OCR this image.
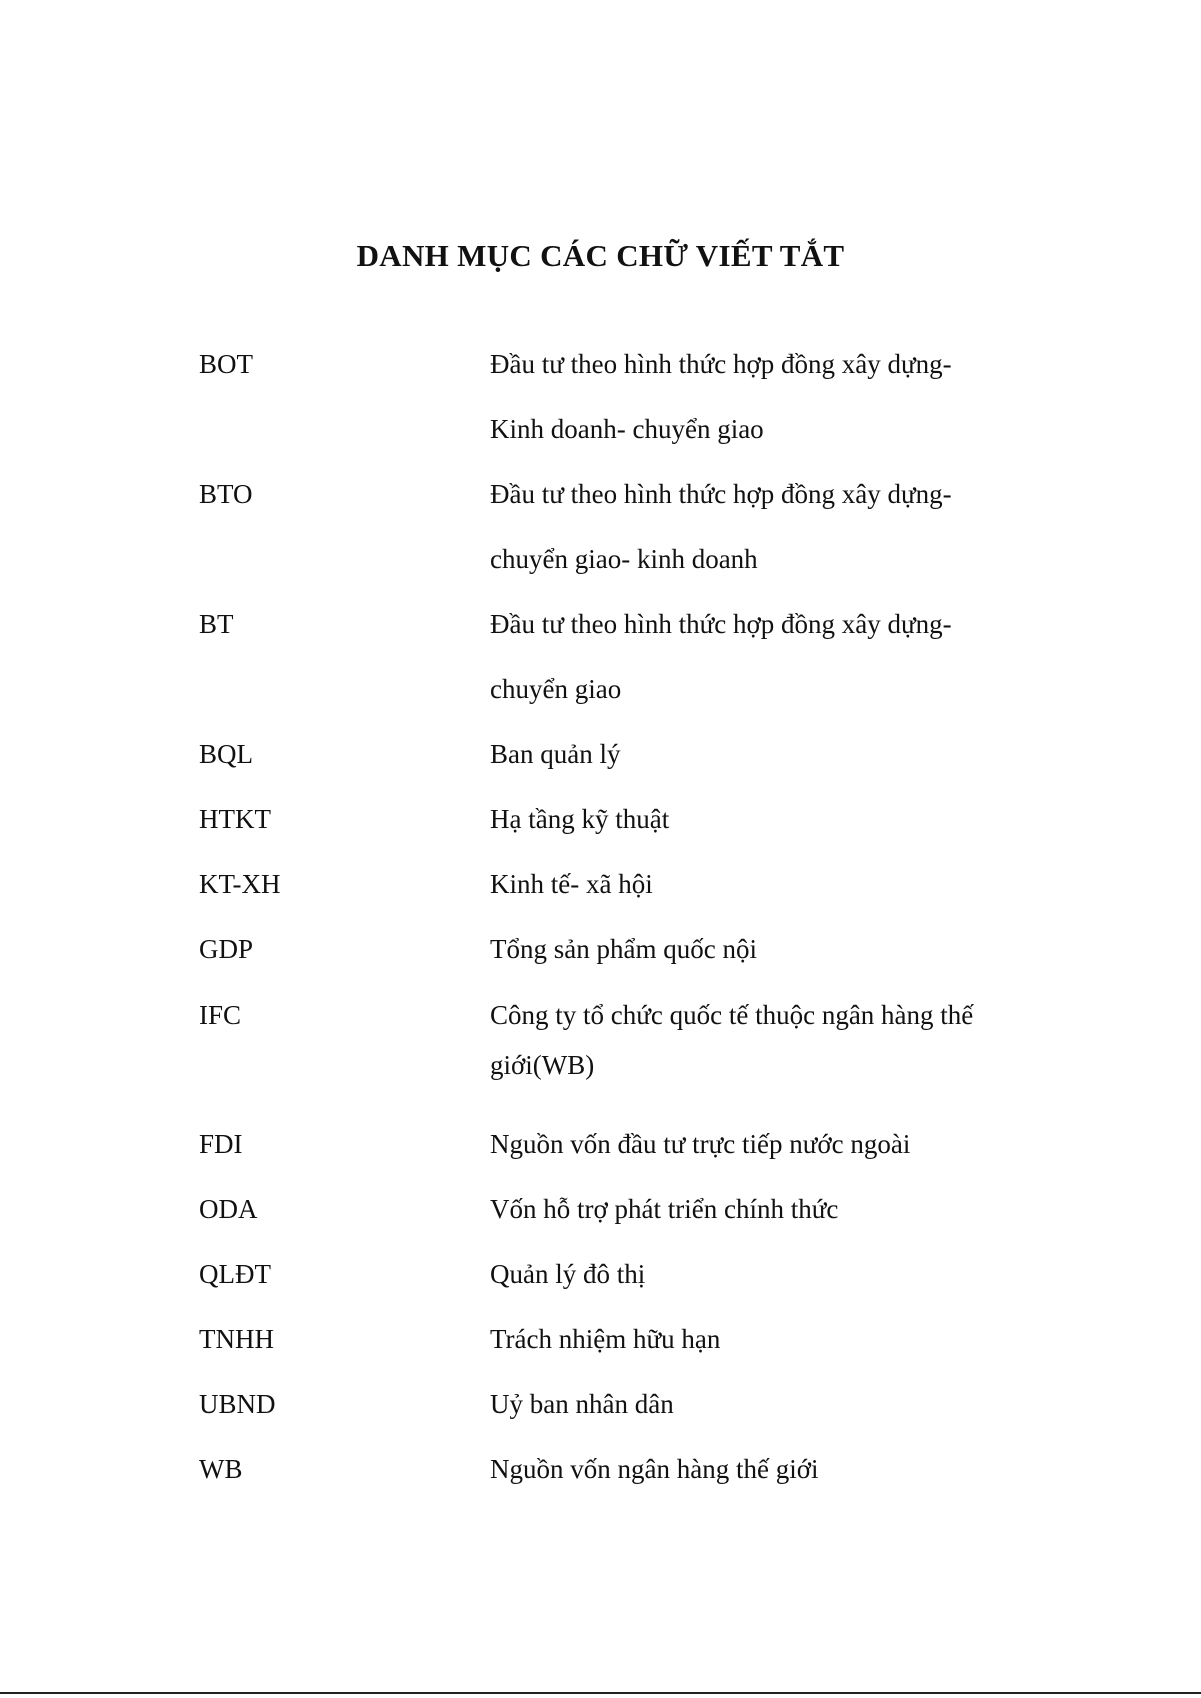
DANH MỤC CÁC CHỮ VIẾT TẮT
BOT	Đầu tư theo hình thức hợp đồng xây dựng-
Kinh doanh- chuyển giao
BTO	Đầu tư theo hình thức hợp đồng xây dựng-
chuyển giao- kinh doanh
BT	Đầu tư theo hình thức hợp đồng xây dựng-
chuyển giao
BQL	Ban quản lý
HTKT	Hạ tầng kỹ thuật
KT-XH	Kinh tế- xã hội
GDP	Tổng sản phẩm quốc nội
IFC	Công ty tổ chức quốc tế thuộc ngân hàng thế
giới(WB)
FDI	Nguồn vốn đầu tư trực tiếp nước ngoài
ODA	Vốn hỗ trợ phát triển chính thức
QLĐT	Quản lý đô thị
TNHH	Trách nhiệm hữu hạn
UBND	Uỷ ban nhân dân
WB	Nguồn vốn ngân hàng thế giới
